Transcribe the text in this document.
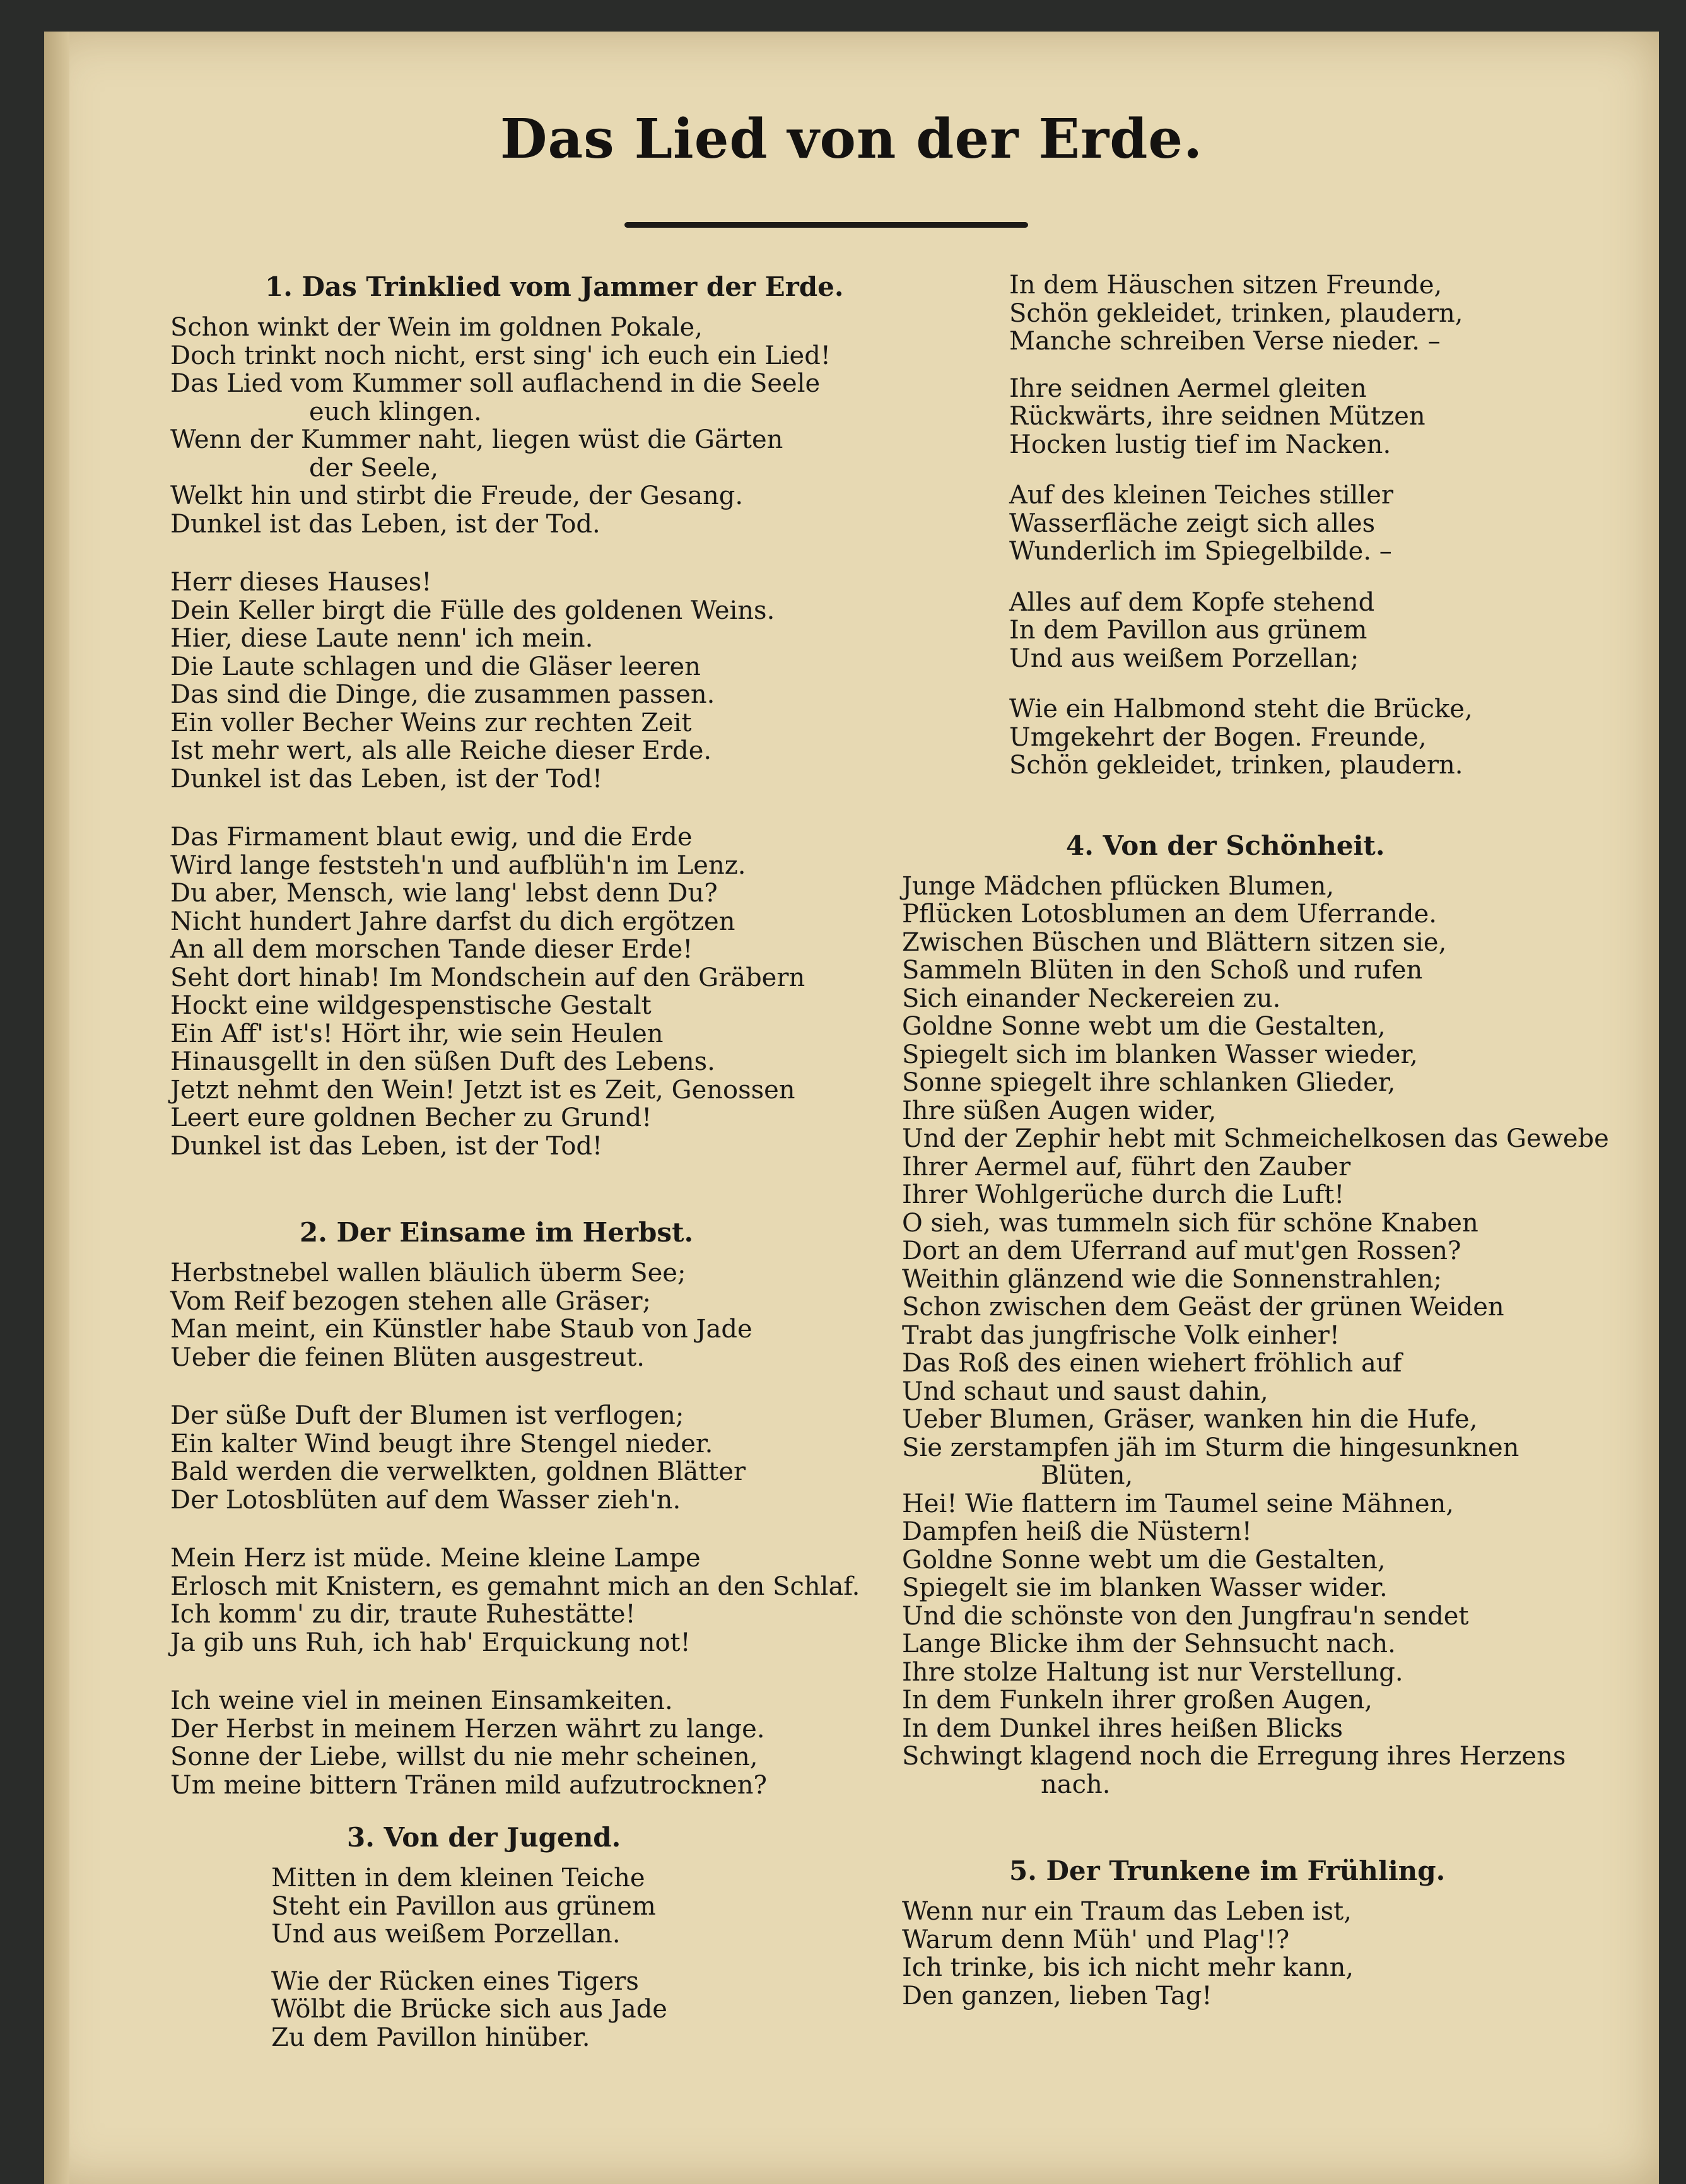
Das Lied von der Erde.
1. Das Trinklied vom Jammer der Erde.
Schon winkt der Wein im goldnen Pokale,
Doch trinkt noch nicht, erst sing' ich euch ein Lied!
Das Lied vom Kummer soll auflachend in die Seele
euch klingen.
Wenn der Kummer naht, liegen wüst die Gärten
der Seele,
Welkt hin und stirbt die Freude, der Gesang.
Dunkel ist das Leben, ist der Tod.
Herr dieses Hauses!
Dein Keller birgt die Fülle des goldenen Weins.
Hier, diese Laute nenn' ich mein.
Die Laute schlagen und die Gläser leeren
Das sind die Dinge, die zusammen passen.
Ein voller Becher Weins zur rechten Zeit
Ist mehr wert, als alle Reiche dieser Erde.
Dunkel ist das Leben, ist der Tod!
Das Firmament blaut ewig, und die Erde
Wird lange feststeh'n und aufblüh'n im Lenz.
Du aber, Mensch, wie lang' lebst denn Du?
Nicht hundert Jahre darfst du dich ergötzen
An all dem morschen Tande dieser Erde!
Seht dort hinab! Im Mondschein auf den Gräbern
Hockt eine wildgespenstische Gestalt
Ein Aff' ist's! Hört ihr, wie sein Heulen
Hinausgellt in den süßen Duft des Lebens.
Jetzt nehmt den Wein! Jetzt ist es Zeit, Genossen
Leert eure goldnen Becher zu Grund!
Dunkel ist das Leben, ist der Tod!
2. Der Einsame im Herbst.
Herbstnebel wallen bläulich überm See;
Vom Reif bezogen stehen alle Gräser;
Man meint, ein Künstler habe Staub von Jade
Ueber die feinen Blüten ausgestreut.
Der süße Duft der Blumen ist verflogen;
Ein kalter Wind beugt ihre Stengel nieder.
Bald werden die verwelkten, goldnen Blätter
Der Lotosblüten auf dem Wasser zieh'n.
Mein Herz ist müde. Meine kleine Lampe
Erlosch mit Knistern, es gemahnt mich an den Schlaf.
Ich komm' zu dir, traute Ruhestätte!
Ja gib uns Ruh, ich hab' Erquickung not!
Ich weine viel in meinen Einsamkeiten.
Der Herbst in meinem Herzen währt zu lange.
Sonne der Liebe, willst du nie mehr scheinen,
Um meine bittern Tränen mild aufzutrocknen?
3. Von der Jugend.
Mitten in dem kleinen Teiche
Steht ein Pavillon aus grünem
Und aus weißem Porzellan.
Wie der Rücken eines Tigers
Wölbt die Brücke sich aus Jade
Zu dem Pavillon hinüber.
In dem Häuschen sitzen Freunde,
Schön gekleidet, trinken, plaudern,
Manche schreiben Verse nieder. –
Ihre seidnen Aermel gleiten
Rückwärts, ihre seidnen Mützen
Hocken lustig tief im Nacken.
Auf des kleinen Teiches stiller
Wasserfläche zeigt sich alles
Wunderlich im Spiegelbilde. –
Alles auf dem Kopfe stehend
In dem Pavillon aus grünem
Und aus weißem Porzellan;
Wie ein Halbmond steht die Brücke,
Umgekehrt der Bogen. Freunde,
Schön gekleidet, trinken, plaudern.
4. Von der Schönheit.
Junge Mädchen pflücken Blumen,
Pflücken Lotosblumen an dem Uferrande.
Zwischen Büschen und Blättern sitzen sie,
Sammeln Blüten in den Schoß und rufen
Sich einander Neckereien zu.
Goldne Sonne webt um die Gestalten,
Spiegelt sich im blanken Wasser wieder,
Sonne spiegelt ihre schlanken Glieder,
Ihre süßen Augen wider,
Und der Zephir hebt mit Schmeichelkosen das Gewebe
Ihrer Aermel auf, führt den Zauber
Ihrer Wohlgerüche durch die Luft!
O sieh, was tummeln sich für schöne Knaben
Dort an dem Uferrand auf mut'gen Rossen?
Weithin glänzend wie die Sonnenstrahlen;
Schon zwischen dem Geäst der grünen Weiden
Trabt das jungfrische Volk einher!
Das Roß des einen wiehert fröhlich auf
Und schaut und saust dahin,
Ueber Blumen, Gräser, wanken hin die Hufe,
Sie zerstampfen jäh im Sturm die hingesunknen
Blüten,
Hei! Wie flattern im Taumel seine Mähnen,
Dampfen heiß die Nüstern!
Goldne Sonne webt um die Gestalten,
Spiegelt sie im blanken Wasser wider.
Und die schönste von den Jungfrau'n sendet
Lange Blicke ihm der Sehnsucht nach.
Ihre stolze Haltung ist nur Verstellung.
In dem Funkeln ihrer großen Augen,
In dem Dunkel ihres heißen Blicks
Schwingt klagend noch die Erregung ihres Herzens
nach.
5. Der Trunkene im Frühling.
Wenn nur ein Traum das Leben ist,
Warum denn Müh' und Plag'!?
Ich trinke, bis ich nicht mehr kann,
Den ganzen, lieben Tag!
